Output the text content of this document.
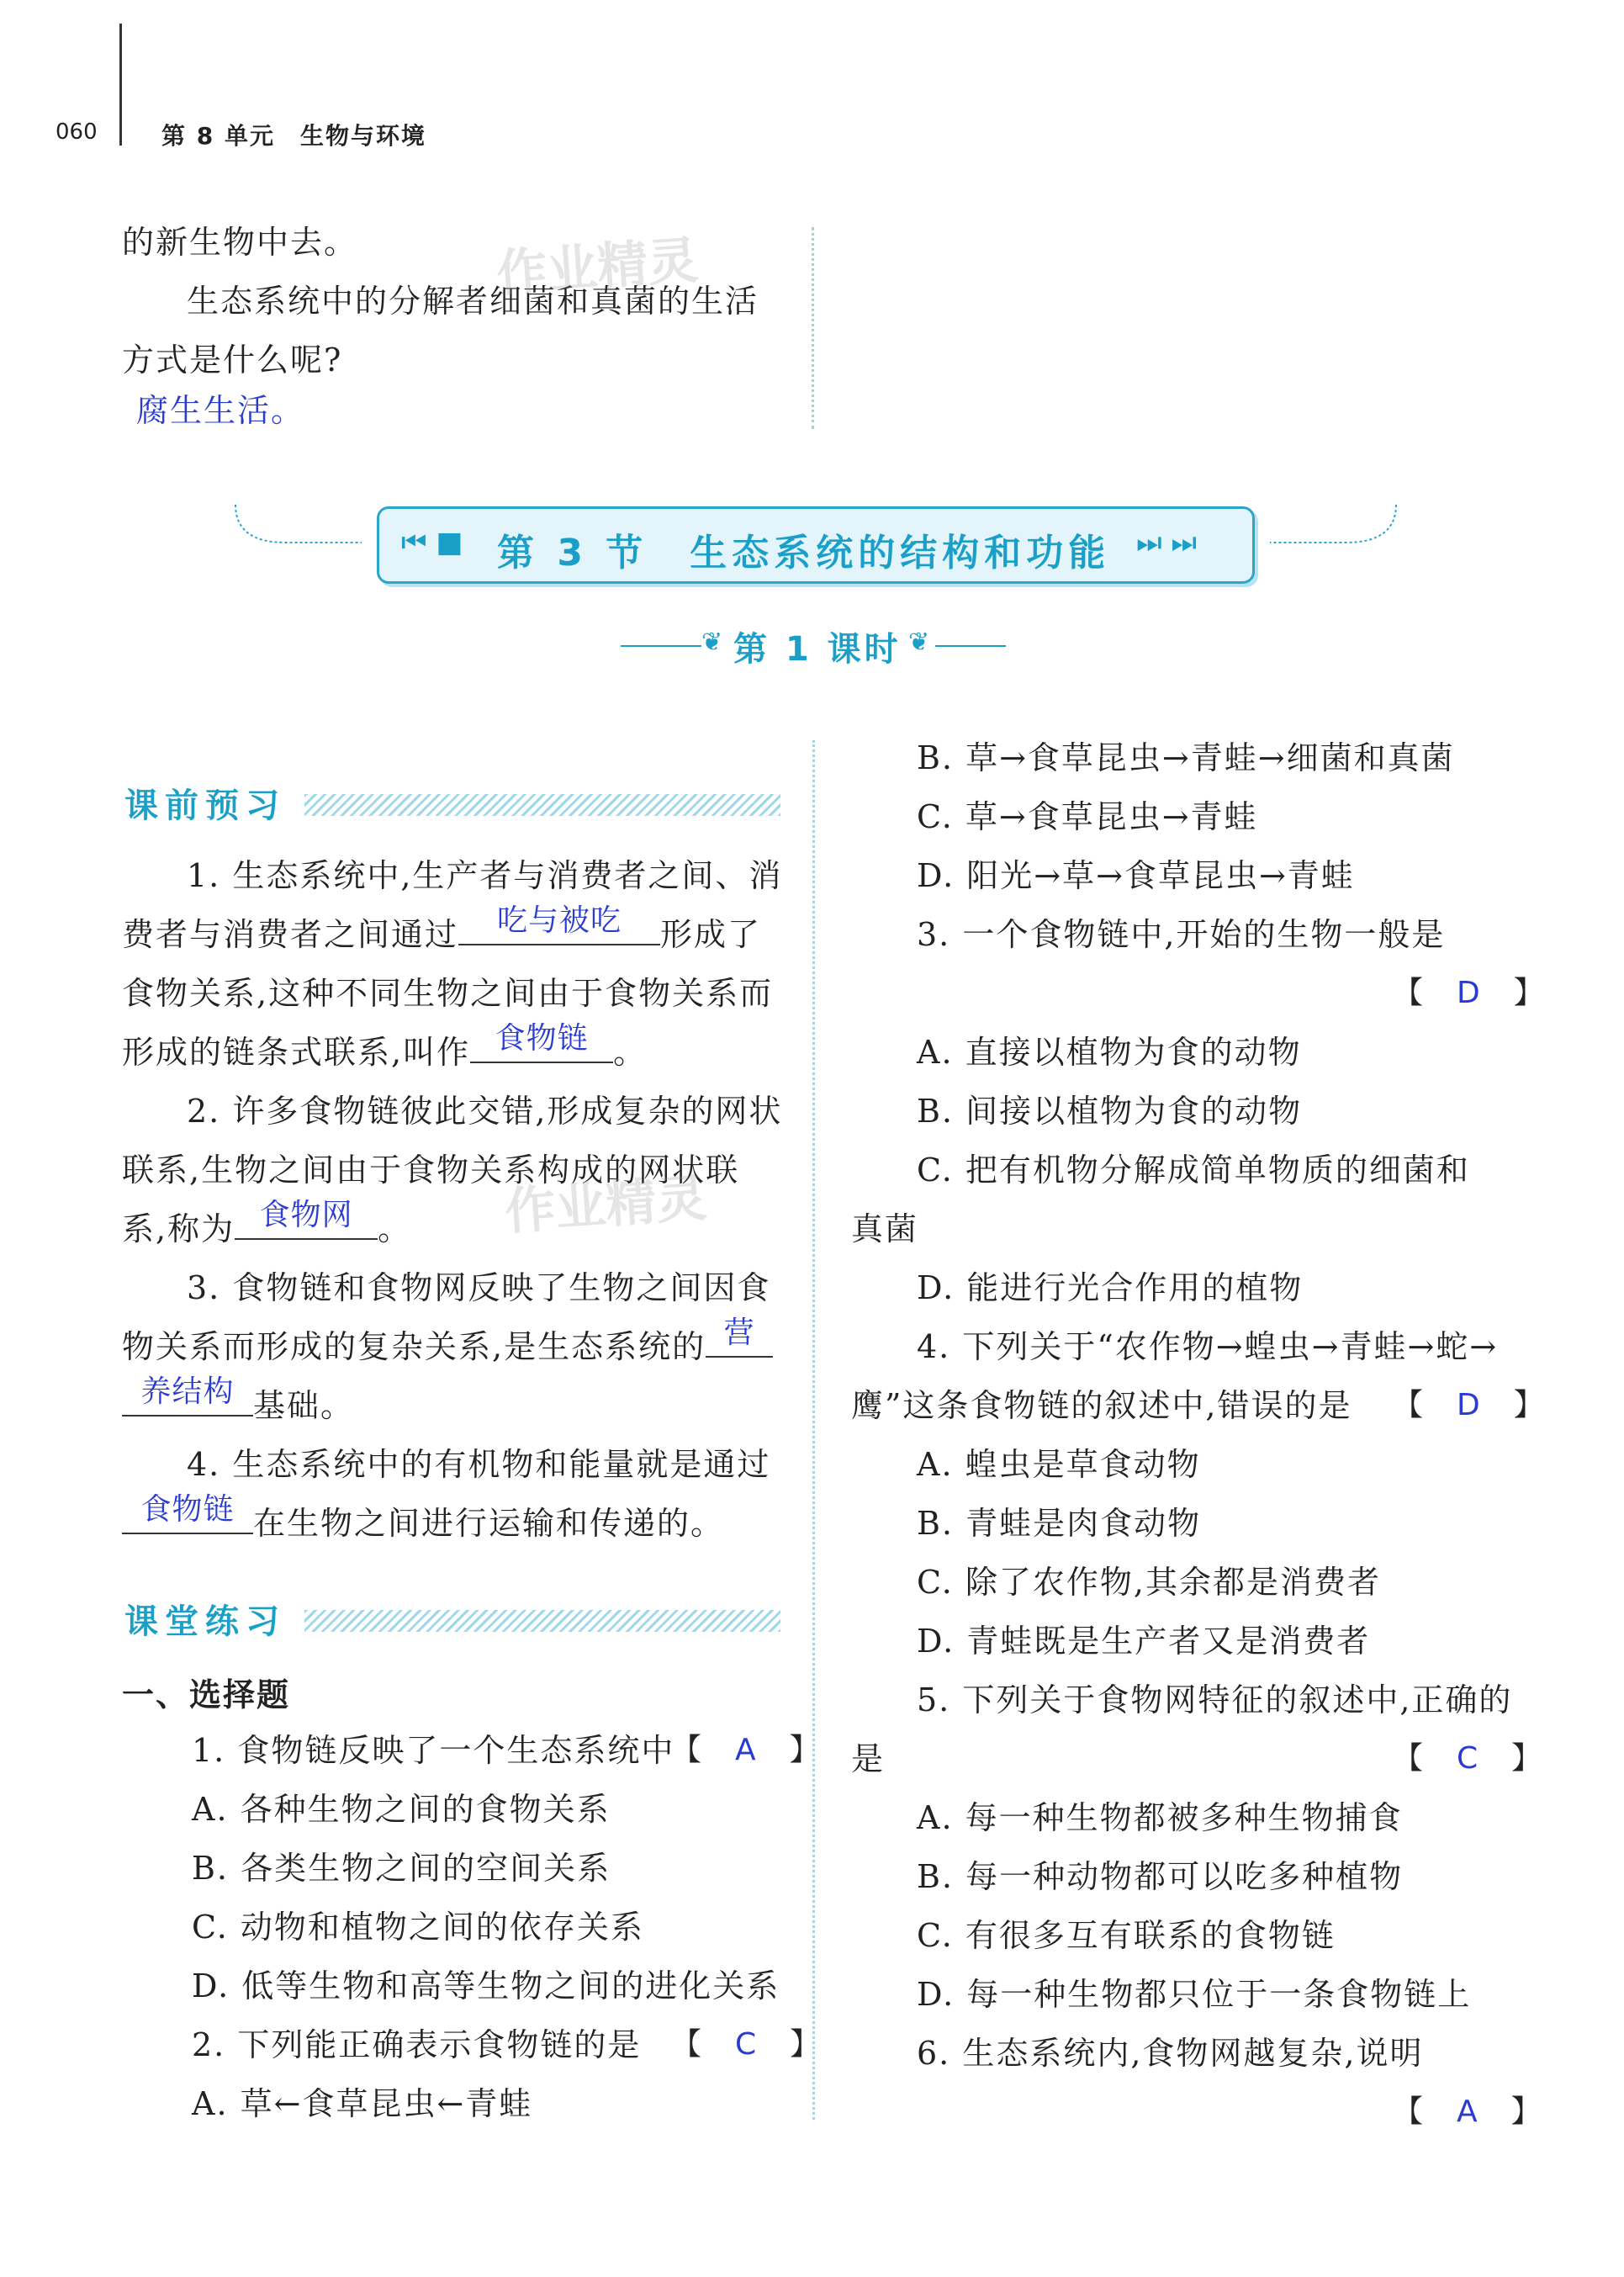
060	第 8 单元　生物与环境
的新生物中去。
生态系统中的分解者细菌和真菌的生活
方式是什么呢?
腐生生活。
作业精灵
⏮ ■ 第 3 节　生态系统的结构和功能 ⏭ ⏭
❦ 第 1 课时 ❦
课前预习
1. 生态系统中,生产者与消费者之间、消
费者与消费者之间通过	吃与被吃	形成了
食物关系,这种不同生物之间由于食物关系而
形成的链条式联系,叫作 食物链 。
2. 许多食物链彼此交错,形成复杂的网状
联系,生物之间由于食物关系构成的网状联
系,称为 食物网 。 作业精灵
3. 食物链和食物网反映了生物之间因食
物关系而形成的复杂关系,是生态系统的 营
养结构 基础。
4. 生态系统中的有机物和能量就是通过
食物链 在生物之间进行运输和传递的。
课堂练习
一、选择题
1. 食物链反映了一个生态系统中
【　A　】
A. 各种生物之间的食物关系
B. 各类生物之间的空间关系
C. 动物和植物之间的依存关系
D. 低等生物和高等生物之间的进化关系
2. 下列能正确表示食物链的是 【　C　】
A. 草←食草昆虫←青蛙
B. 草→食草昆虫→青蛙→细菌和真菌
C. 草→食草昆虫→青蛙
D. 阳光→草→食草昆虫→青蛙
3. 一个食物链中,开始的生物一般是
【　D　】
A. 直接以植物为食的动物
B. 间接以植物为食的动物
C. 把有机物分解成简单物质的细菌和
真菌
D. 能进行光合作用的植物
4. 下列关于“农作物→蝗虫→青蛙→蛇→
鹰”这条食物链的叙述中,错误的是 【　D　】
A. 蝗虫是草食动物
B. 青蛙是肉食动物
C. 除了农作物,其余都是消费者
D. 青蛙既是生产者又是消费者
5. 下列关于食物网特征的叙述中,正确的
是	【　C　】
A. 每一种生物都被多种生物捕食
B. 每一种动物都可以吃多种植物
C. 有很多互有联系的食物链
D. 每一种生物都只位于一条食物链上
6. 生态系统内,食物网越复杂,说明
【　A　】
